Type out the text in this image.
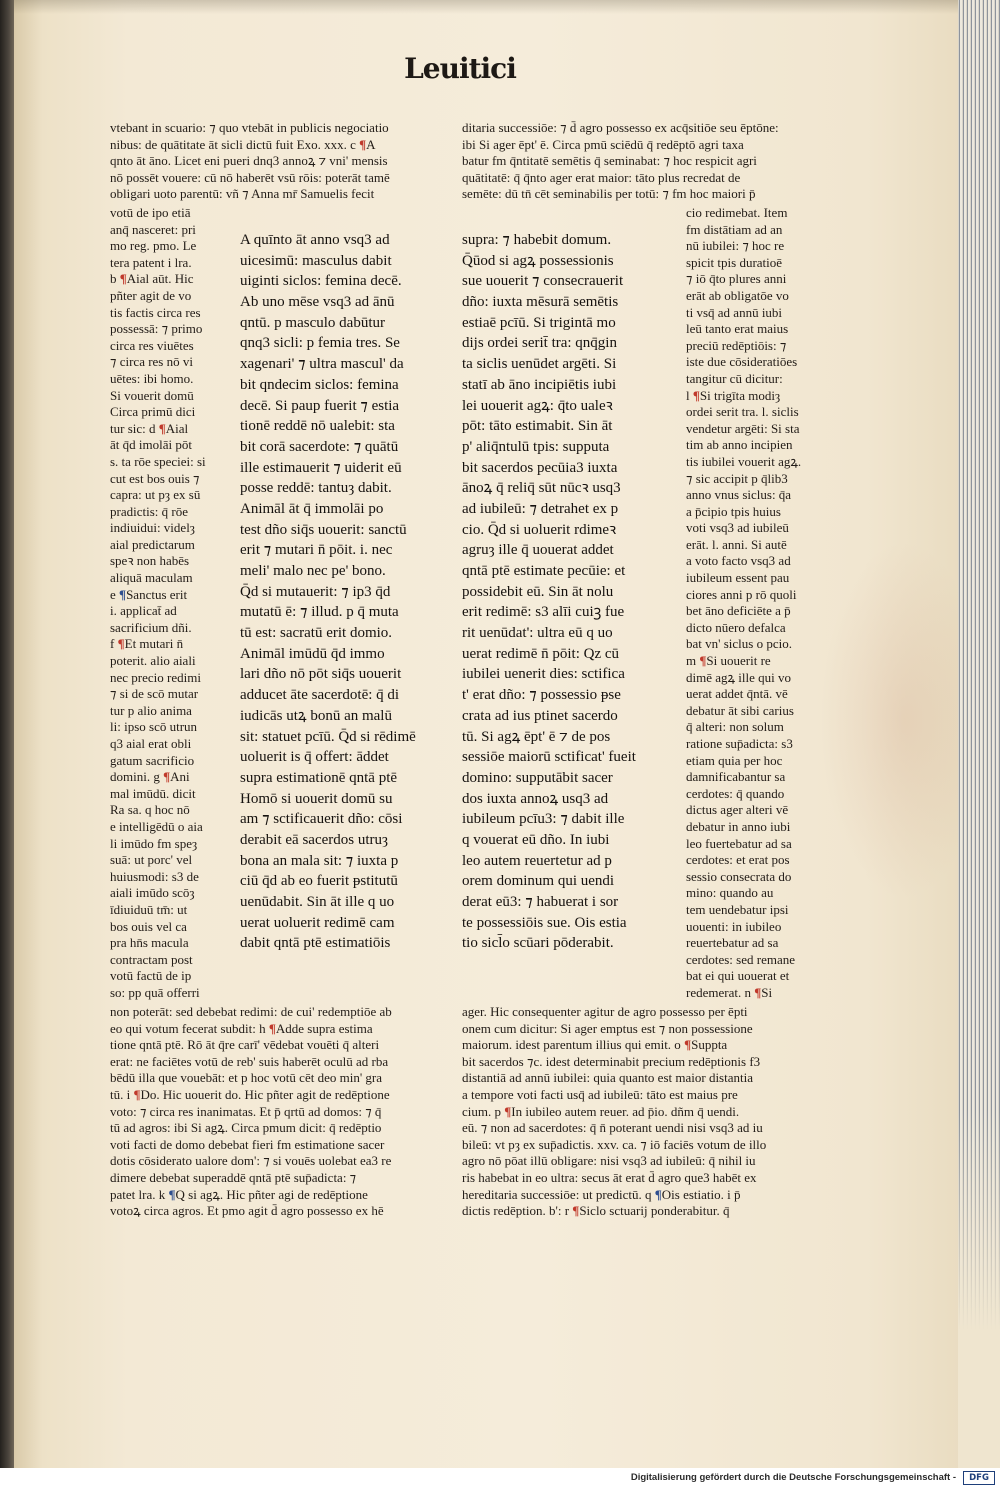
Leuitici
vtebant in scuario: ⁊ quo vtebāt in publicis negociatio
nibus: de quātitate āt sicli dictū fuit Exo. xxx. c ¶A
qnto āt āno. Licet eni pueri dnq3 annoꝝ ⁊ vni' mensis
nō possēt vouere: cū nō haberēt vsū rōis: poterāt tamē
obligari uoto parentū: vñ ⁊ Anna mr̄ Samuelis fecit
votū de ipo etiā
anq̄ nasceret: pri
mo reg. pmo. Le
tera patent i lra.
b ¶Aial aūt. Hic
pñter agit de vo
tis factis circa res
possessā: ⁊ primo
circa res viuētes
⁊ circa res nō vi
uētes: ibi homo.
Si vouerit domū
Circa primū dici
tur sic: d ¶Aial
āt q̄d imolāi pōt
s. ta rōe speciei: si
cut est bos ouis ⁊
capra: ut pȝ ex sū
pradictis: q̄ rōe
indiuidui: videlȝ
aial predictarum
speꝛ non habēs
aliquā maculam
e ¶Sanctus erit
i. applicat̄ ad
sacrificium dñi.
f ¶Et mutari n̄
poterit. alio aiali
nec precio redimi
⁊ si de scō mutar
tur p alio anima
li: ipso scō utrun
q3 aial erat obli
gatum sacrificio
domini. g ¶Ani
mal imūdū. dicit
Ra sa. q hoc nō
e intelligēdū o aia
li imūdo fm speȝ
suā: ut porc' vel
huiusmodi: s3 de
aiali imūdo scōȝ
īdiuiduū tm̄: ut
bos ouis vel ca
pra hn̄s macula
contractam post
votū factū de ip
so: pp quā offerri
non poterāt: sed debebat redimi: de cui' redemptiōe ab
eo qui votum fecerat subdit: h ¶Adde supra estima
tione qntā ptē. Rō āt q̄re carī' vēdebat vouēti q̄ alteri
erat: ne faciētes votū de reb' suis haberēt oculū ad rba
bēdū illa que vouebāt: et p hoc votū cēt deo min' gra
tū. i ¶Do. Hic uouerit do. Hic pñter agit de redēptione
voto: ⁊ circa res inanimatas. Et p̄ qrtū ad domos: ⁊ q̄
tū ad agros: ibi Si agꝝ. Circa pmum dicit: q̄ redēptio
voti facti de domo debebat fieri fm estimatione sacer
dotis cōsiderato ualore dom': ⁊ si vouēs uolebat ea3 re
dimere debebat superaddē qntā ptē sup̄adicta: ⁊
patet lra. k ¶Q si agꝝ. Hic pñter agi de redēptione
votoꝝ circa agros. Et pmo agit d̄ agro possesso ex hē
A quīnto āt anno vsq3 ad
uicesimū: masculus dabit
uiginti siclos: femina decē.
Ab uno mēse vsq3 ad ānū
qntū. p masculo dabūtur
qnq3 sicli: p femia tres. Se
xagenari' ⁊ ultra mascul' da
bit qndecim siclos: femina
decē. Si paup fuerit ⁊ estia
tionē reddē nō ualebit: sta
bit corā sacerdote: ⁊ quātū
ille estimauerit ⁊ uiderit eū
posse reddē: tantuȝ dabit.
Animāl āt q̄ immolāi po
test dño siq̄s uouerit: sanctū
erit ⁊ mutari n̄ pōit. i. nec
meli' malo nec pe' bono.
Q̄d si mutauerit: ⁊ ip3 q̄d
mutatū ē: ⁊ illud. p q̄ muta
tū est: sacratū erit domio.
Animāl imūdū q̄d immo
lari dño nō pōt siq̄s uouerit
adducet āte sacerdotē: q̄ di
iudicās utꝝ bonū an malū
sit: statuet pcīū. Q̄d si rēdimē
uoluerit is q̄ offert: āddet
supra estimationē qntā ptē
Homō si uouerit domū su
am ⁊ sctificauerit dño: cōsi
derabit eā sacerdos utruȝ
bona an mala sit: ⁊ iuxta p
ciū q̄d ab eo fuerit ᵽstitutū
uenūdabit. Sin āt ille q uo
uerat uoluerit redimē cam
dabit qntā ptē estimatiōis
supra: ⁊ habebit domum.
Q̄ūod si agꝝ possessionis
sue uouerit ⁊ consecrauerit
dño: iuxta mēsurā semētis
estiaē pcīū. Si trigintā mo
dijs ordei serit̄ tra: qnq̄gin
ta siclis uenūdet argēti. Si
statī ab āno incipiētis iubi
lei uouerit agꝝ: q̄to ualeꝛ
pōt: tāto estimabit. Sin āt
p' aliq̄ntulū tpis: supputa
bit sacerdos pecūia3 iuxta
ānoꝝ q̄ reliq̄ sūt nūcꝛ usq3
ad iubileū: ⁊ detrahet ex p
cio. Q̄d si uoluerit rdimeꝛ
agruȝ ille q̄ uouerat addet
qntā ptē estimate pecūie: et
possidebit eū. Sin āt nolu
erit redimē: s3 alīi cuiꝫ fue
rit uenūdat': ultra eū q uo
uerat redimē n̄ pōit: Qz cū
iubilei uenerit dies: sctifica
t' erat dño: ⁊ possessio ᵽse
crata ad ius ptinet sacerdo
tū. Si agꝝ ēpt' ē ⁊ de pos
sessiōe maiorū sctificat' fueit
domino: supputābit sacer
dos iuxta annoꝝ usq3 ad
iubileum pcīu3: ⁊ dabit ille
q vouerat eū dño. In iubi
leo autem reuertetur ad p
orem dominum qui uendi
derat eū3: ⁊ habuerat i sor
te possessiōis sue. Ois estia
tio sicl̄o scūari pōderabit.
ditaria successiōe: ⁊ d̄ agro possesso ex acq̄sitiōe seu ēptōne:
ibi Si ager ēpt' ē. Circa pmū sciēdū q̄ redēptō agri taxa
batur fm q̄ntitatē semētis q̄ seminabat: ⁊ hoc respicit agri
quātitatē: q̄ q̄nto ager erat maior: tāto plus recredat de
semēte: dū tn̄ cēt seminabilis per totū: ⁊ fm hoc maiori p̄
cio redimebat. Item
fm distātiam ad an
nū iubilei: ⁊ hoc re
spicit tpis duratioē
⁊ iō q̄to plures anni
erāt ab obligatōe vo
ti vsq̄ ad annū iubi
leū tanto erat maius
preciū redēptiōis: ⁊
iste due cōsideratiōes
tangitur cū dicitur:
l ¶Si trigīta modiȝ
ordei serit tra. l. siclis
vendetur argēti: Si sta
tim ab anno incipien
tis iubilei vouerit agꝝ.
⁊ sic accipit p q̄lib3
anno vnus siclus: q̄a
a p̄cipio tpis huius
voti vsq3 ad iubileū
erāt. l. anni. Si autē
a voto facto vsq3 ad
iubileum essent pau
ciores anni p rō quoli
bet āno deficiēte a p̄
dicto nūero defalca
bat vn' siclus o pcio.
m ¶Si uouerit re
dimē agꝝ ille qui vo
uerat addet q̄ntā. vē
debatur āt sibi carius
q̄ alteri: non solum
ratione sup̄adicta: s3
etiam quia per hoc
damnificabantur sa
cerdotes: q̄ quando
dictus ager alteri vē
debatur in anno iubi
leo fuertebatur ad sa
cerdotes: et erat pos
sessio consecrata do
mino: quando au
tem uendebatur ipsi
uouenti: in iubileo
reuertebatur ad sa
cerdotes: sed remane
bat ei qui uouerat et
redemerat. n ¶Si
ager. Hic consequenter agitur de agro possesso per ēpti
onem cum dicitur: Si ager emptus est ⁊ non possessione
maiorum. idest parentum illius qui emit. o ¶Suppta
bit sacerdos ⁊c. idest determinabit precium redēptionis f3
distantiā ad annū iubilei: quia quanto est maior distantia
a tempore voti facti usq̄ ad iubileū: tāto est maius pre
cium. p ¶In iubileo autem reuer. ad p̄io. dñm q̄ uendi.
eū. ⁊ non ad sacerdotes: q̄ n̄ poterant uendi nisi vsq3 ad iu
bileū: vt pȝ ex sup̄adictis. xxv. ca. ⁊ iō faciēs votum de illo
agro nō pōat illū obligare: nisi vsq3 ad iubileū: q̄ nihil iu
ris habebat in eo ultra: secus āt erat d̄ agro que3 habēt ex
hereditaria successiōe: ut predictū. q ¶Ois estiatio. i p̄
dictis redēption. b': r ¶Siclo sctuarij ponderabitur. q̄
Digitalisierung gefördert durch die Deutsche Forschungsgemeinschaft -	DFG
